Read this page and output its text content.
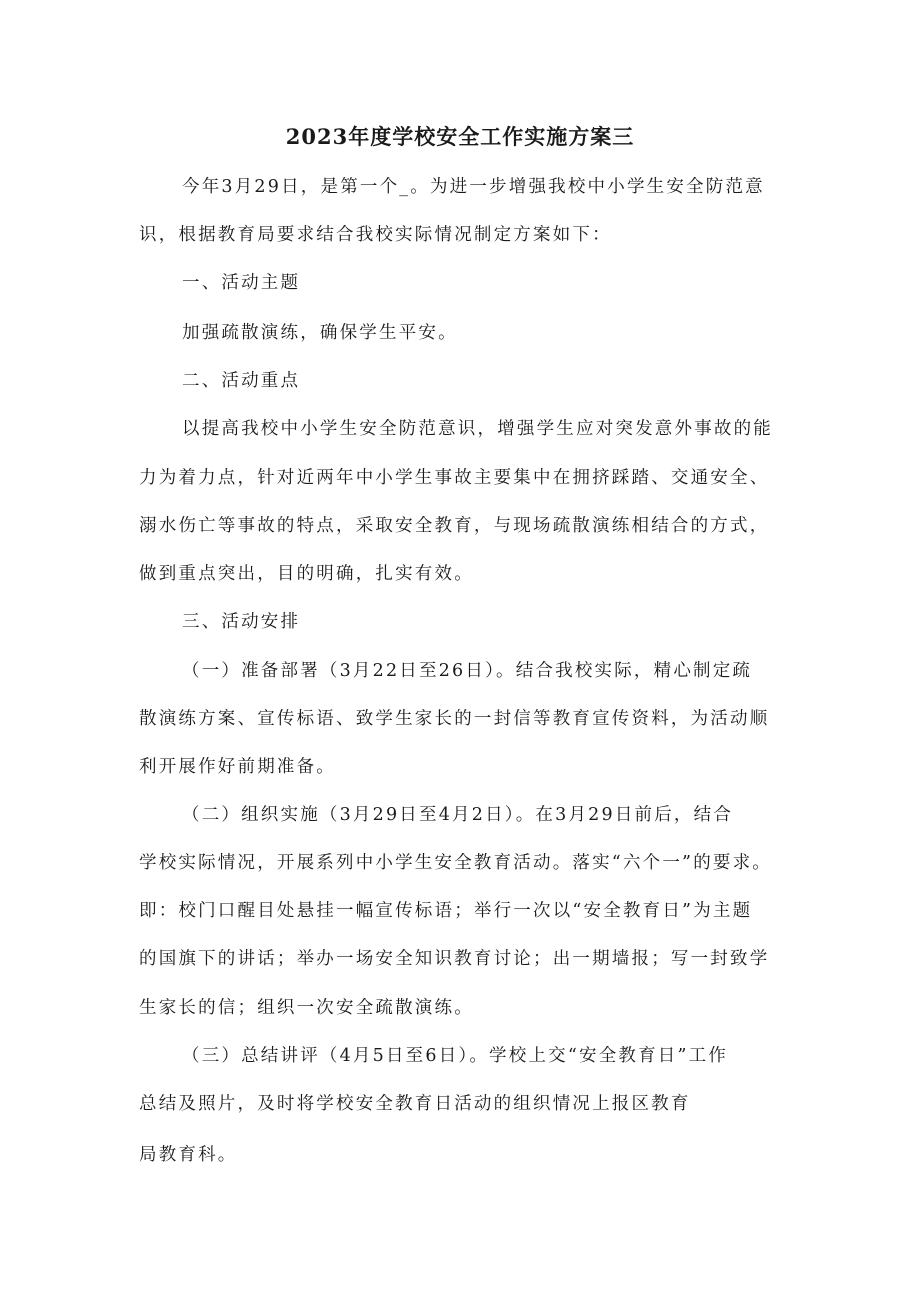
2023年度学校安全工作实施方案三
今年3月29日，是第一个_。为进一步增强我校中小学生安全防范意
识，根据教育局要求结合我校实际情况制定方案如下：
一、活动主题
加强疏散演练，确保学生平安。
二、活动重点
以提高我校中小学生安全防范意识，增强学生应对突发意外事故的能
力为着力点，针对近两年中小学生事故主要集中在拥挤踩踏、交通安全、
溺水伤亡等事故的特点，采取安全教育，与现场疏散演练相结合的方式，
做到重点突出，目的明确，扎实有效。
三、活动安排
（一）准备部署（3月22日至26日）。结合我校实际，精心制定疏
散演练方案、宣传标语、致学生家长的一封信等教育宣传资料，为活动顺
利开展作好前期准备。
（二）组织实施（3月29日至4月2日）。在3月29日前后，结合
学校实际情况，开展系列中小学生安全教育活动。落实“六个一”的要求。
即：校门口醒目处悬挂一幅宣传标语；举行一次以“安全教育日”为主题
的国旗下的讲话；举办一场安全知识教育讨论；出一期墙报；写一封致学
生家长的信；组织一次安全疏散演练。
（三）总结讲评（4月5日至6日）。学校上交“安全教育日”工作
总结及照片，及时将学校安全教育日活动的组织情况上报区教育
局教育科。
